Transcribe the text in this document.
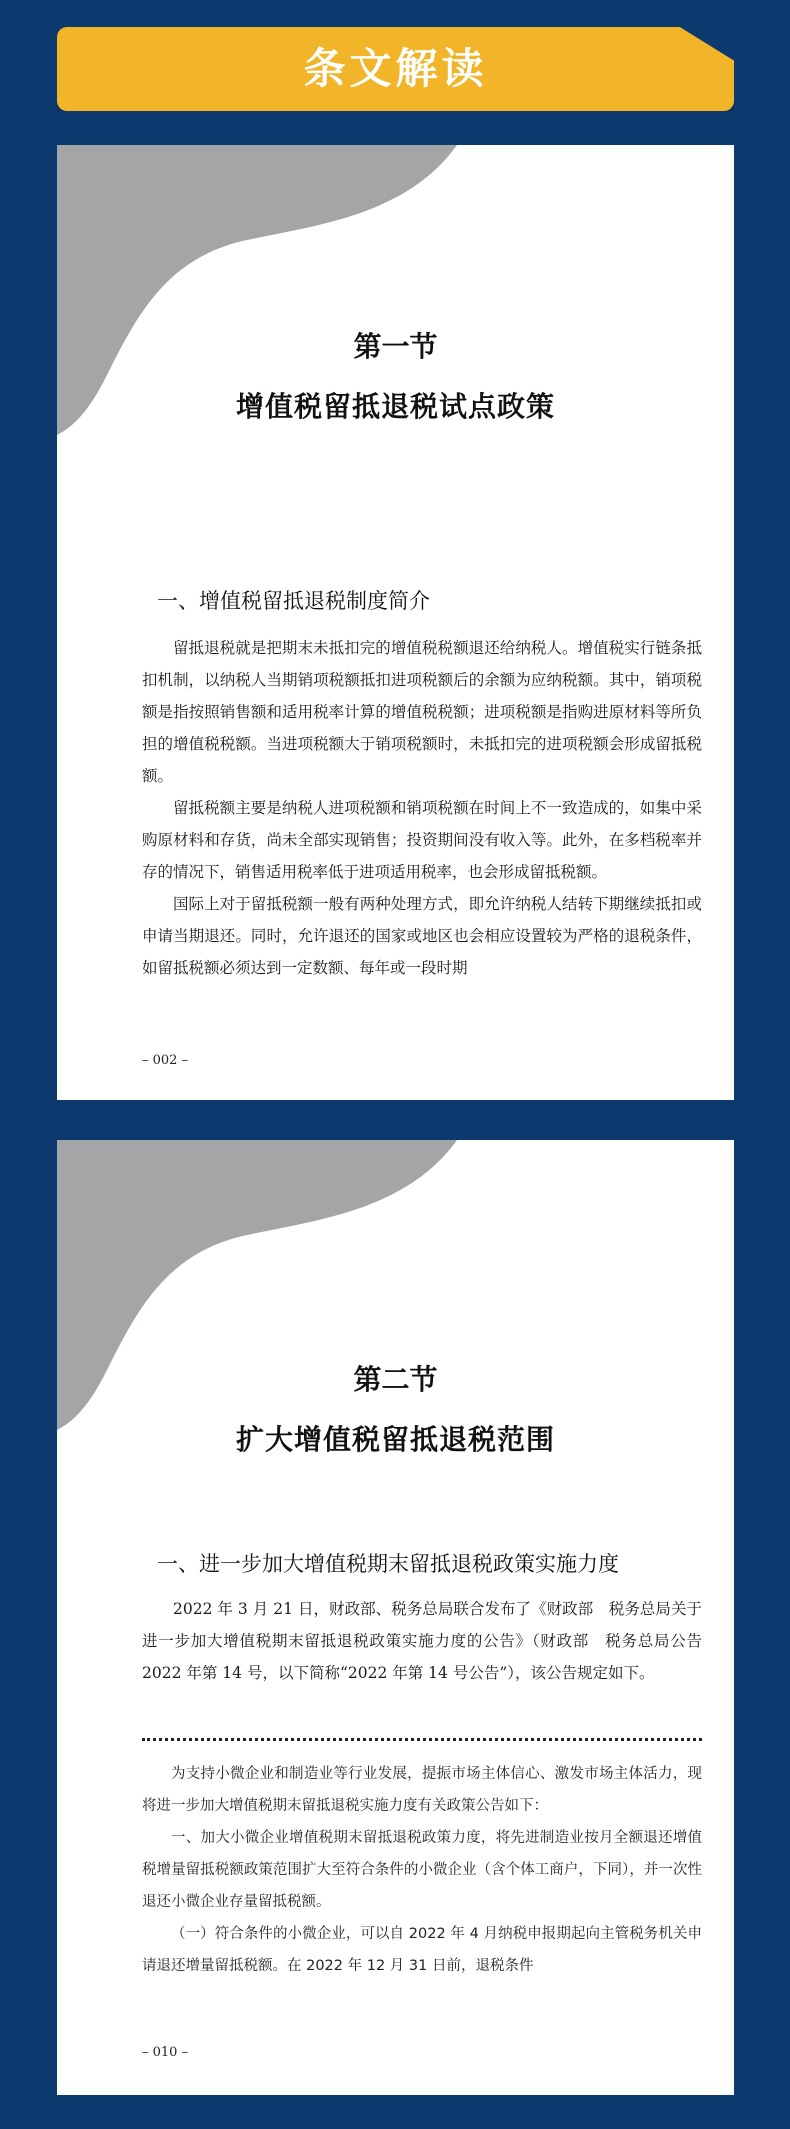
条文解读
第一节
增值税留抵退税试点政策
一、增值税留抵退税制度简介

留抵退税就是把期末未抵扣完的增值税税额退还给纳税人。增值税实行链条抵扣机制，以纳税人当期销项税额抵扣进项税额后的余额为应纳税额。其中，销项税额是指按照销售额和适用税率计算的增值税税额；进项税额是指购进原材料等所负担的增值税税额。当进项税额大于销项税额时，未抵扣完的进项税额会形成留抵税额。

留抵税额主要是纳税人进项税额和销项税额在时间上不一致造成的，如集中采购原材料和存货，尚未全部实现销售；投资期间没有收入等。此外，在多档税率并存的情况下，销售适用税率低于进项适用税率，也会形成留抵税额。

国际上对于留抵税额一般有两种处理方式，即允许纳税人结转下期继续抵扣或申请当期退还。同时，允许退还的国家或地区也会相应设置较为严格的退税条件，如留抵税额必须达到一定数额、每年或一段时期

– 002 –
第二节
扩大增值税留抵退税范围
一、进一步加大增值税期末留抵退税政策实施力度

2022 年 3 月 21 日，财政部、税务总局联合发布了《财政部　税务总局关于进一步加大增值税期末留抵退税政策实施力度的公告》（财政部　税务总局公告 2022 年第 14 号，以下简称“2022 年第 14 号公告”），该公告规定如下。

为支持小微企业和制造业等行业发展，提振市场主体信心、激发市场主体活力，现将进一步加大增值税期末留抵退税实施力度有关政策公告如下：

一、加大小微企业增值税期末留抵退税政策力度，将先进制造业按月全额退还增值税增量留抵税额政策范围扩大至符合条件的小微企业（含个体工商户，下同），并一次性退还小微企业存量留抵税额。

（一）符合条件的小微企业，可以自 2022 年 4 月纳税申报期起向主管税务机关申请退还增量留抵税额。在 2022 年 12 月 31 日前，退税条件

– 010 –
